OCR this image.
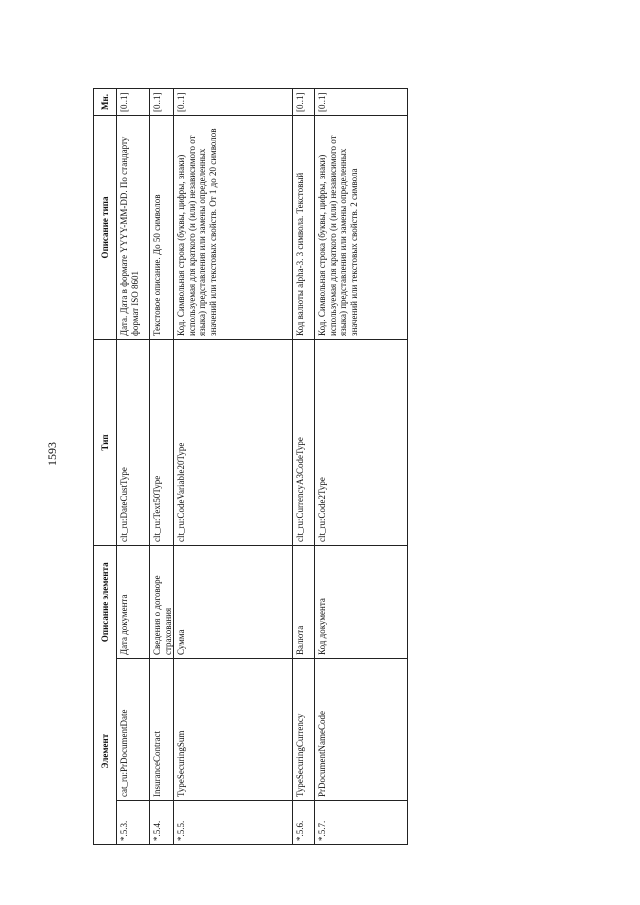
1593
Элемент		Описание элемента	Тип	Описание типа	Мн.
*.5.3.	cat_ru:PrDocumentDate	Дата документа	clt_ru:DateCustType	Дата. Дата в формате YYYY-MM-DD. По стандарту формат ISO 8601	[0..1]
*.5.4.	InsuranceContract	Сведения о договоре страхования	clt_ru:Text50Type	Текстовое описание. До 50 символов	[0..1]
*.5.5.	TypeSecuringSum	Сумма	clt_ru:CodeVariable20Type	Код. Символьная строка (буквы, цифры, знаки) используемая для краткого (и (или) независимого от языка) представления или замены определенных значений или текстовых свойств. От 1 до 20 символов	[0..1]
*.5.6.	TypeSecuringCurrency	Валюта	clt_ru:CurrencyA3CodeType	Код валюты alpha-3. 3 символа. Текстовый	[0..1]
*.5.7.	PrDocumentNameCode	Код документа	clt_ru:Code2Type	Код. Символьная строка (буквы, цифры, знаки) используемая для краткого (и (или) независимого от языка) представления или замены определенных значений или текстовых свойств. 2 символа	[0..1]
